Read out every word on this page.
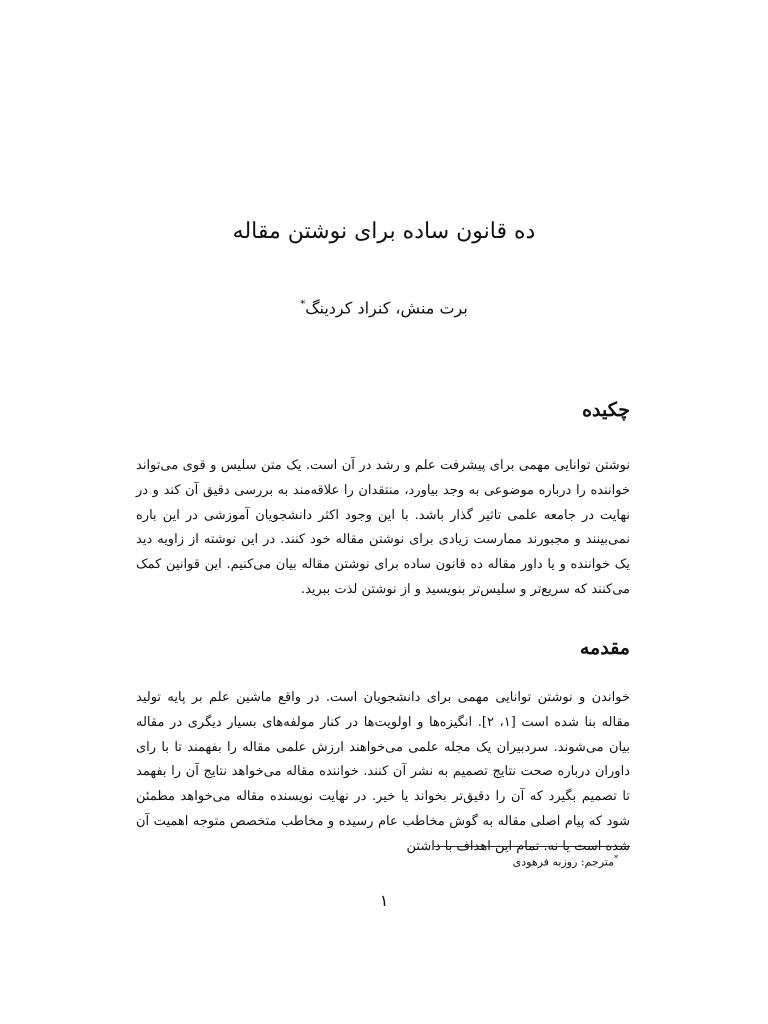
ده قانون ساده برای نوشتن مقاله
برت منش، کنراد کردینگ*
چکیده

نوشتن توانایی مهمی برای پیشرفت علم و رشد در آن است. یک متن سلیس و قوی می‌تواند خواننده را درباره موضوعی به وجد بیاورد، منتقدان را علاقه‌مند به بررسی دقیق آن کند و در نهایت در جامعه علمی تاثیر گذار باشد. با این وجود اکثر دانشجویان آموزشی در این باره نمی‌بینند و مجبورند ممارست زیادی برای نوشتن مقاله خود کنند. در این نوشته از زاویه دید یک خواننده و یا داور مقاله ده قانون ساده برای نوشتن مقاله بیان می‌کنیم. این قوانین کمک می‌کنند که سریع‌تر و سلیس‌تر بنویسید و از نوشتن لذت ببرید.

مقدمه

خواندن و نوشتن توانایی مهمی برای دانشجویان است. در واقع ماشین علم بر پایه تولید مقاله بنا شده است [۱، ۲]. انگیزه‌ها و اولویت‌ها در کنار مولفه‌های بسیار دیگری در مقاله بیان می‌شوند. سردبیران یک مجله علمی می‌خواهند ارزش علمی مقاله را بفهمند تا با رای داوران درباره صحت نتایج تصمیم به نشر آن کنند. خواننده مقاله می‌خواهد نتایج آن را بفهمد تا تصمیم بگیرد که آن را دقیق‌تر بخواند یا خیر. در نهایت نویسنده مقاله می‌خواهد مطمئن شود که پیام اصلی مقاله به گوش مخاطب عام رسیده و مخاطب متخصص متوجه اهمیت آن شده است یا نه. تمام این اهداف با داشتن

*مترجم: روزبه فرهودی

۱
